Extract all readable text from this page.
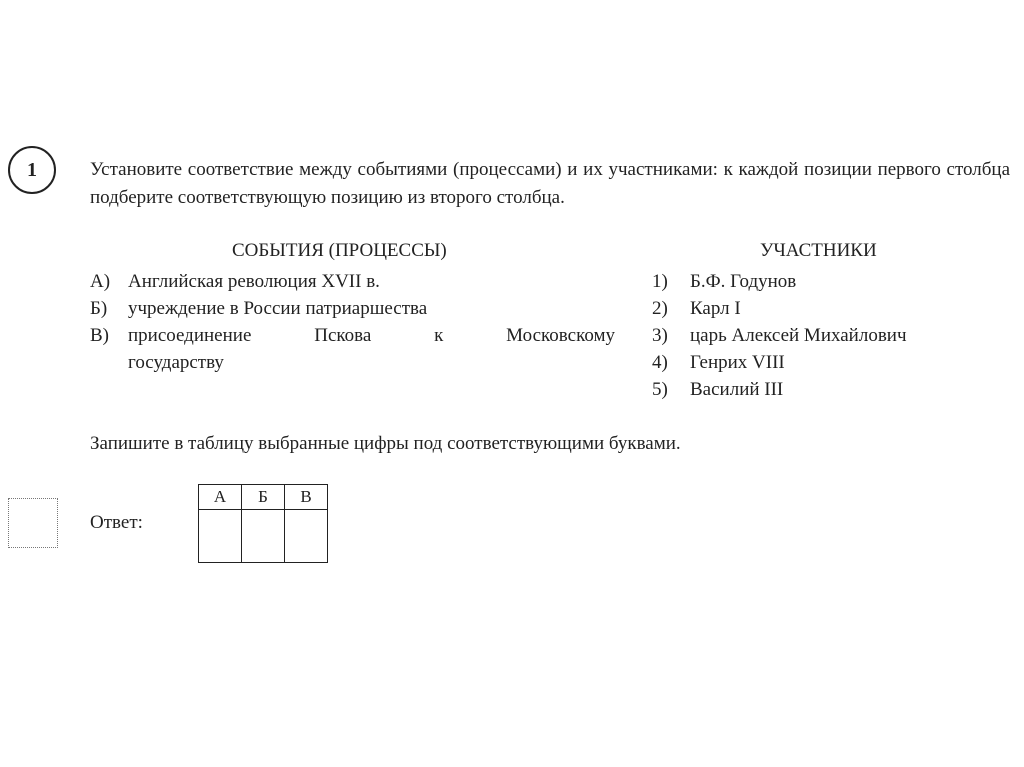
1	Установите соответствие между событиями (процессами) и их участниками: к каждой позиции первого столбца подберите соответствующую позицию из второго столбца.
СОБЫТИЯ (ПРОЦЕССЫ)	УЧАСТНИКИ
А) Английская революция XVII в.
Б)	учреждение в России патриаршества
В)	присоединение Пскова к Московскому
государству
1)	Б.Ф. Годунов
2)	Карл I
3)	царь Алексей Михайлович
4)	Генрих VIII
5)	Василий III
Запишите в таблицу выбранные цифры под соответствующими буквами.
Ответ:
А	Б	В
